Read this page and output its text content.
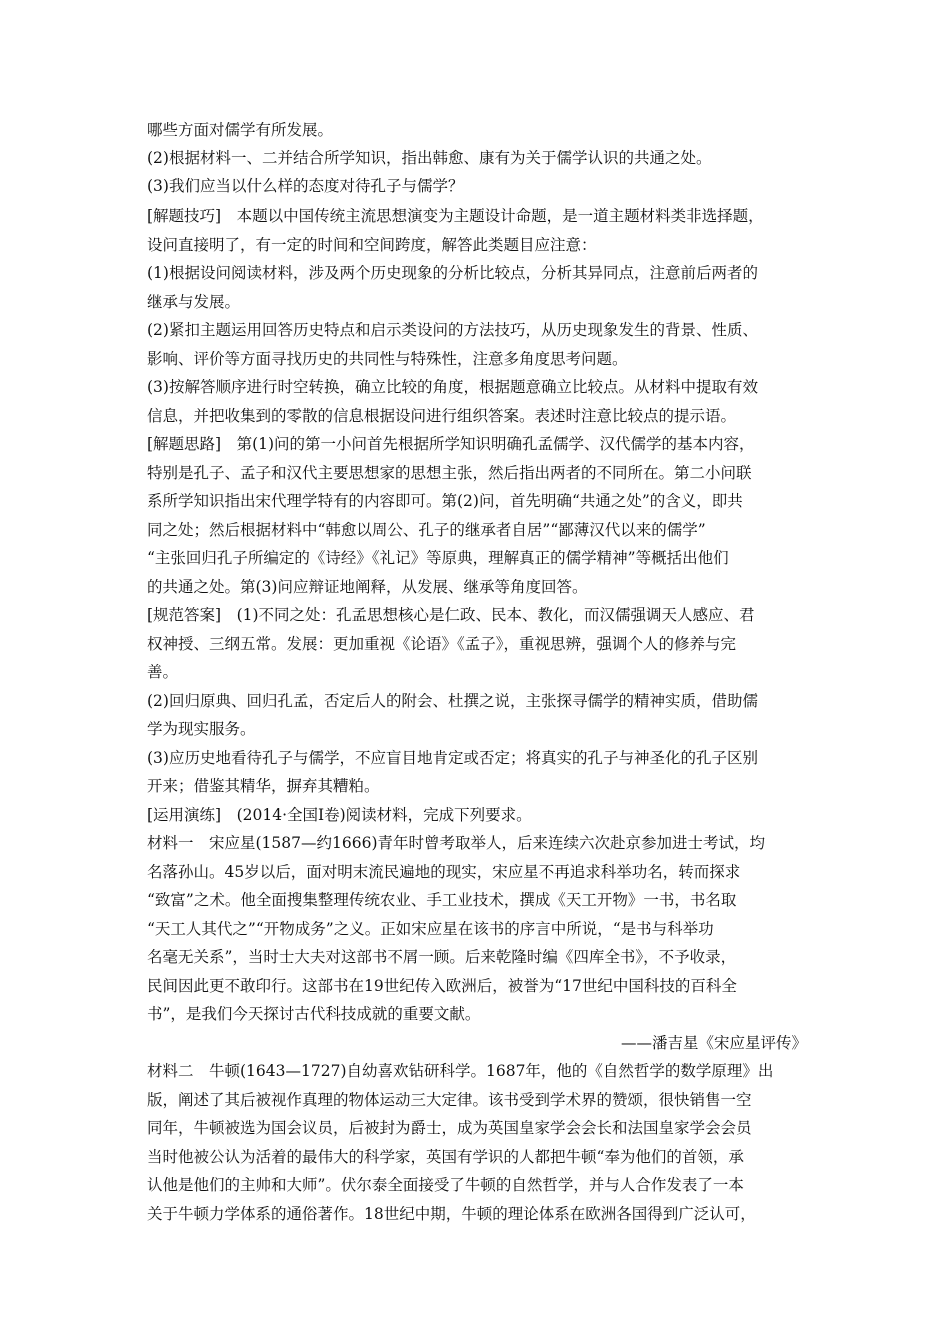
哪些方面对儒学有所发展。
(2)根据材料一、二并结合所学知识，指出韩愈、康有为关于儒学认识的共通之处。
(3)我们应当以什么样的态度对待孔子与儒学？
[解题技巧]　本题以中国传统主流思想演变为主题设计命题，是一道主题材料类非选择题，
设问直接明了，有一定的时间和空间跨度，解答此类题目应注意：
(1)根据设问阅读材料，涉及两个历史现象的分析比较点，分析其异同点，注意前后两者的
继承与发展。
(2)紧扣主题运用回答历史特点和启示类设问的方法技巧，从历史现象发生的背景、性质、
影响、评价等方面寻找历史的共同性与特殊性，注意多角度思考问题。
(3)按解答顺序进行时空转换，确立比较的角度，根据题意确立比较点。从材料中提取有效
信息，并把收集到的零散的信息根据设问进行组织答案。表述时注意比较点的提示语。
[解题思路]　第(1)问的第一小问首先根据所学知识明确孔孟儒学、汉代儒学的基本内容，
特别是孔子、孟子和汉代主要思想家的思想主张，然后指出两者的不同所在。第二小问联
系所学知识指出宋代理学特有的内容即可。第(2)问，首先明确“共通之处”的含义，即共
同之处；然后根据材料中“韩愈以周公、孔子的继承者自居”“鄙薄汉代以来的儒学”
“主张回归孔子所编定的《诗经》《礼记》等原典，理解真正的儒学精神”等概括出他们
的共通之处。第(3)问应辩证地阐释，从发展、继承等角度回答。
[规范答案]　(1)不同之处：孔孟思想核心是仁政、民本、教化，而汉儒强调天人感应、君
权神授、三纲五常。发展：更加重视《论语》《孟子》，重视思辨，强调个人的修养与完
善。
(2)回归原典、回归孔孟，否定后人的附会、杜撰之说，主张探寻儒学的精神实质，借助儒
学为现实服务。
(3)应历史地看待孔子与儒学，不应盲目地肯定或否定；将真实的孔子与神圣化的孔子区别
开来；借鉴其精华，摒弃其糟粕。
[运用演练]　(2014·全国Ⅰ卷)阅读材料，完成下列要求。
材料一　宋应星(1587—约1666)青年时曾考取举人，后来连续六次赴京参加进士考试，均
名落孙山。45岁以后，面对明末流民遍地的现实，宋应星不再追求科举功名，转而探求
“致富”之术。他全面搜集整理传统农业、手工业技术，撰成《天工开物》一书，书名取
“天工人其代之”“开物成务”之义。正如宋应星在该书的序言中所说，“是书与科举功
名毫无关系”，当时士大夫对这部书不屑一顾。后来乾隆时编《四库全书》，不予收录，
民间因此更不敢印行。这部书在19世纪传入欧洲后，被誉为“17世纪中国科技的百科全
书”，是我们今天探讨古代科技成就的重要文献。
——潘吉星《宋应星评传》
材料二　牛顿(1643—1727)自幼喜欢钻研科学。1687年，他的《自然哲学的数学原理》出
版，阐述了其后被视作真理的物体运动三大定律。该书受到学术界的赞颂，很快销售一空
同年，牛顿被选为国会议员，后被封为爵士，成为英国皇家学会会长和法国皇家学会会员
当时他被公认为活着的最伟大的科学家，英国有学识的人都把牛顿“奉为他们的首领，承
认他是他们的主帅和大师”。伏尔泰全面接受了牛顿的自然哲学，并与人合作发表了一本
关于牛顿力学体系的通俗著作。18世纪中期，牛顿的理论体系在欧洲各国得到广泛认可，
